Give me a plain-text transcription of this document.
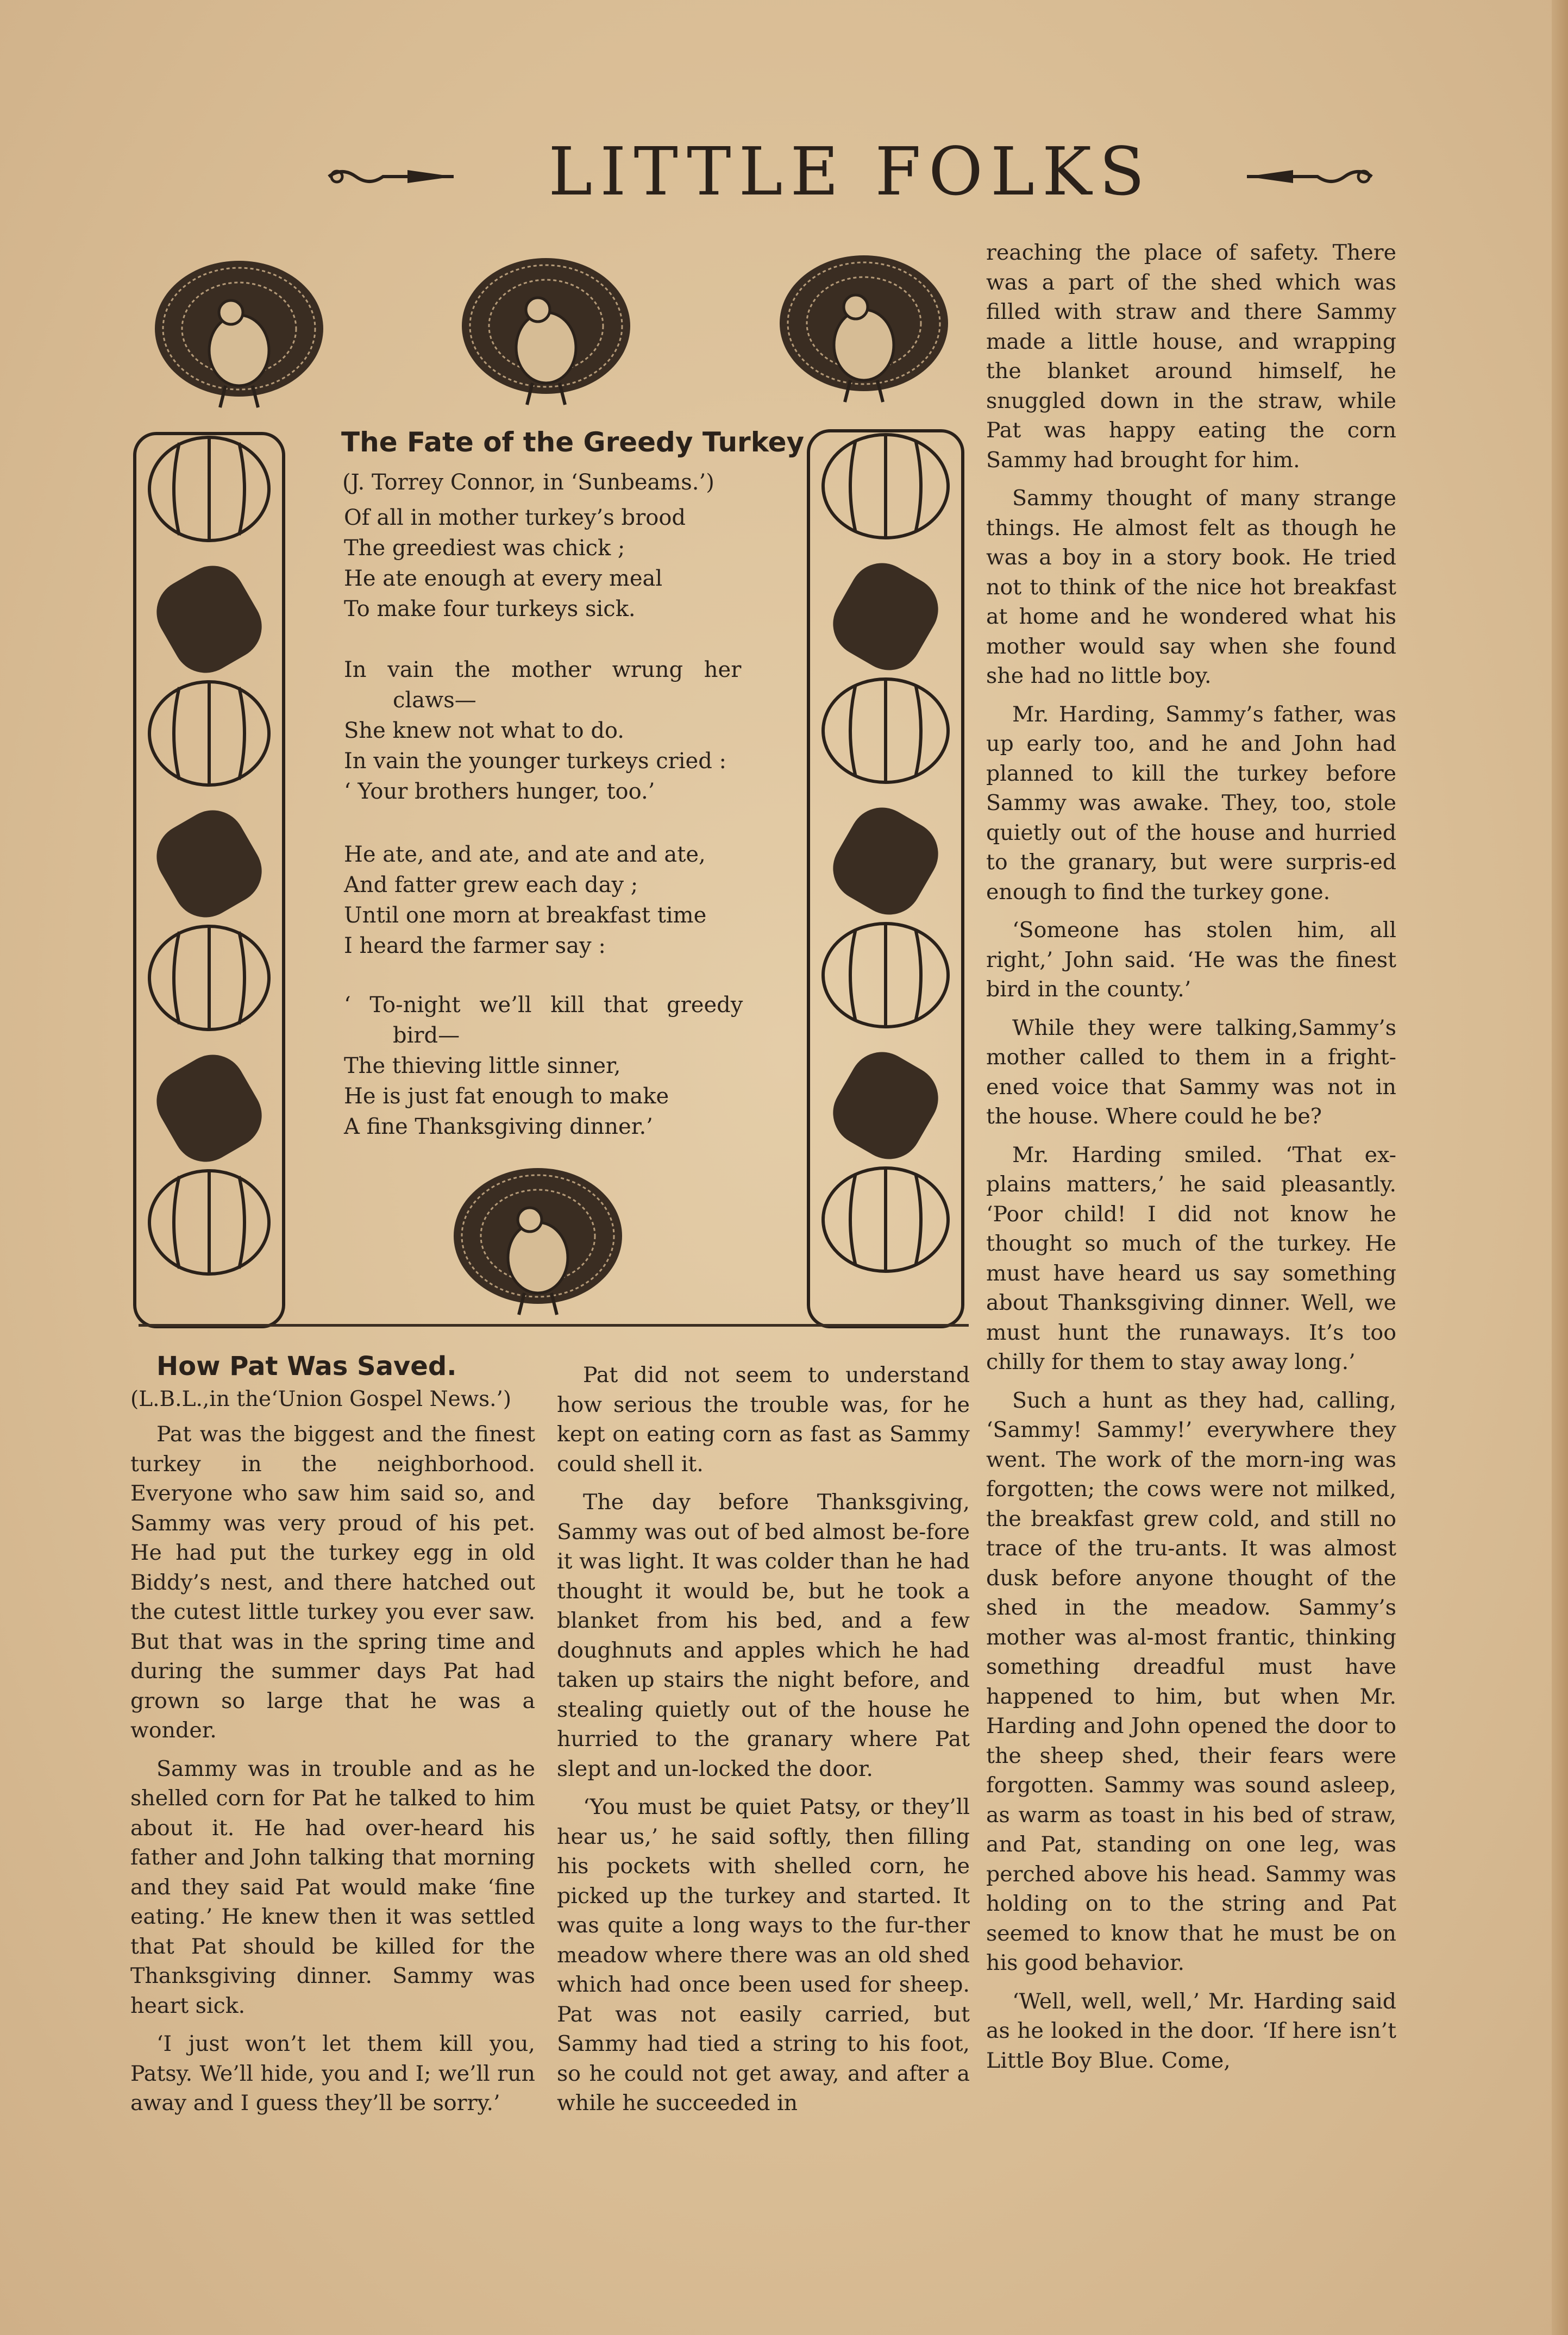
LITTLE FOLKS
The Fate of the Greedy Turkey
(J. Torrey Connor, in ‘Sunbeams.’)
Of all in mother turkey’s brood
The greediest was chick ;
He ate enough at every meal
To make four turkeys sick.
In vain the mother wrung her
claws—
She knew not what to do.
In vain the younger turkeys cried :
‘ Your brothers hunger, too.’
He ate, and ate, and ate and ate,
And fatter grew each day ;
Until one morn at breakfast time
I heard the farmer say :
‘ To-night we’ll kill that greedy
bird—
The thieving little sinner,
He is just fat enough to make
A fine Thanksgiving dinner.’
How Pat Was Saved.
(L.B.L.,in the‘Union Gospel News.’)

Pat was the biggest and the finest turkey in the neighborhood. Everyone who saw him said so, and Sammy was very proud of his pet. He had put the turkey egg in old Biddy’s nest, and there hatched out the cutest little turkey you ever saw. But that was in the spring time and during the summer days Pat had grown so large that he was a wonder.

Sammy was in trouble and as he shelled corn for Pat he talked to him about it. He had over-heard his father and John talking that morning and they said Pat would make ‘fine eating.’ He knew then it was settled that Pat should be killed for the Thanksgiving dinner. Sammy was heart sick.

‘I just won’t let them kill you, Patsy. We’ll hide, you and I; we’ll run away and I guess they’ll be sorry.’

Pat did not seem to understand how serious the trouble was, for he kept on eating corn as fast as Sammy could shell it.

The day before Thanksgiving, Sammy was out of bed almost be-fore it was light. It was colder than he had thought it would be, but he took a blanket from his bed, and a few doughnuts and apples which he had taken up stairs the night before, and stealing quietly out of the house he hurried to the granary where Pat slept and un-locked the door.

‘You must be quiet Patsy, or they’ll hear us,’ he said softly, then filling his pockets with shelled corn, he picked up the turkey and started. It was quite a long ways to the fur-ther meadow where there was an old shed which had once been used for sheep. Pat was not easily carried, but Sammy had tied a string to his foot, so he could not get away, and after a while he succeeded in

reaching the place of safety. There was a part of the shed which was filled with straw and there Sammy made a little house, and wrapping the blanket around himself, he snuggled down in the straw, while Pat was happy eating the corn Sammy had brought for him.

Sammy thought of many strange things. He almost felt as though he was a boy in a story book. He tried not to think of the nice hot breakfast at home and he wondered what his mother would say when she found she had no little boy.

Mr. Harding, Sammy’s father, was up early too, and he and John had planned to kill the turkey before Sammy was awake. They, too, stole quietly out of the house and hurried to the granary, but were surpris-ed enough to find the turkey gone.

‘Someone has stolen him, all right,’ John said. ‘He was the finest bird in the county.’

While they were talking,Sammy’s mother called to them in a fright-ened voice that Sammy was not in the house. Where could he be?

Mr. Harding smiled. ‘That ex-plains matters,’ he said pleasantly. ‘Poor child! I did not know he thought so much of the turkey. He must have heard us say something about Thanksgiving dinner. Well, we must hunt the runaways. It’s too chilly for them to stay away long.’

Such a hunt as they had, calling, ‘Sammy! Sammy!’ everywhere they went. The work of the morn-ing was forgotten; the cows were not milked, the breakfast grew cold, and still no trace of the tru-ants. It was almost dusk before anyone thought of the shed in the meadow. Sammy’s mother was al-most frantic, thinking something dreadful must have happened to him, but when Mr. Harding and John opened the door to the sheep shed, their fears were forgotten. Sammy was sound asleep, as warm as toast in his bed of straw, and Pat, standing on one leg, was perched above his head. Sammy was holding on to the string and Pat seemed to know that he must be on his good behavior.

‘Well, well, well,’ Mr. Harding said as he looked in the door. ‘If here isn’t Little Boy Blue. Come,
